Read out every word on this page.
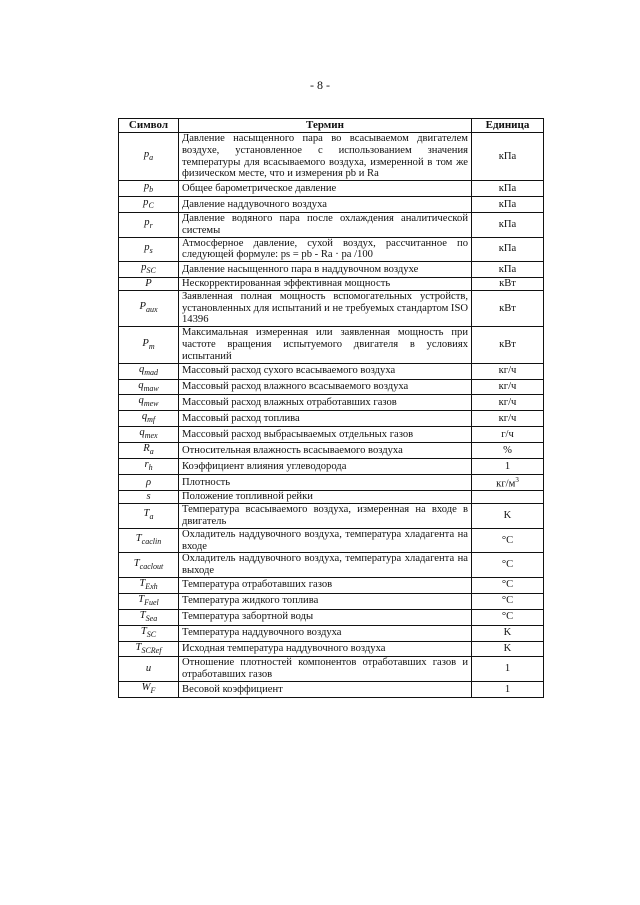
- 8 -
Символ	Термин	Единица
$p_a$	Давление насыщенного пара во всасываемом двигателем воздухе, установленное с использованием значения температуры для всасываемого воздуха, измеренной в том же физическом месте, что и измерения pb и Ra	кПа
$p_b$	Общее барометрическое давление	кПа
$p_C$	Давление наддувочного воздуха	кПа
$p_r$	Давление водяного пара после охлаждения аналитической системы	кПа
$p_s$	Атмосферное давление, сухой воздух, рассчитанное по следующей формуле: ps = pb - Ra · pa /100	кПа
$p_{SC}$	Давление насыщенного пара в наддувочном воздухе	кПа
P	Нескорректированная эффективная мощность	кВт
$P_{aux}$	Заявленная полная мощность вспомогательных устройств, установленных для испытаний и не требуемых стандартом ISO 14396	кВт
$P_m$	Максимальная измеренная или заявленная мощность при частоте вращения испытуемого двигателя в условиях испытаний	кВт
$q_{mad}$	Массовый расход сухого всасываемого воздуха	кг/ч
$q_{maw}$	Массовый расход влажного всасываемого воздуха	кг/ч
$q_{mew}$	Массовый расход влажных отработавших газов	кг/ч
$q_{mf}$	Массовый расход топлива	кг/ч
$q_{mex}$	Массовый расход выбрасываемых отдельных газов	г/ч
$R_a$	Относительная влажность всасываемого воздуха	%
$r_h$	Коэффициент влияния углеводорода	1
ρ	Плотность	$кг/м^3$
s	Положение топливной рейки	
$T_a$	Температура всасываемого воздуха, измеренная на входе в двигатель	K
$T_{caclin}$	Охладитель наддувочного воздуха, температура хладагента на входе	°C
$T_{caclout}$	Охладитель наддувочного воздуха, температура хладагента на выходе	°C
$T_{Exh}$	Температура отработавших газов	°C
$T_{Fuel}$	Температура жидкого топлива	°C
$T_{Sea}$	Температура забортной воды	°C
$T_{SC}$	Температура наддувочного воздуха	K
$T_{SCRef}$	Исходная температура наддувочного воздуха	K
u	Отношение плотностей компонентов отработавших газов и отработавших газов	1
$W_F$	Весовой коэффициент	1
